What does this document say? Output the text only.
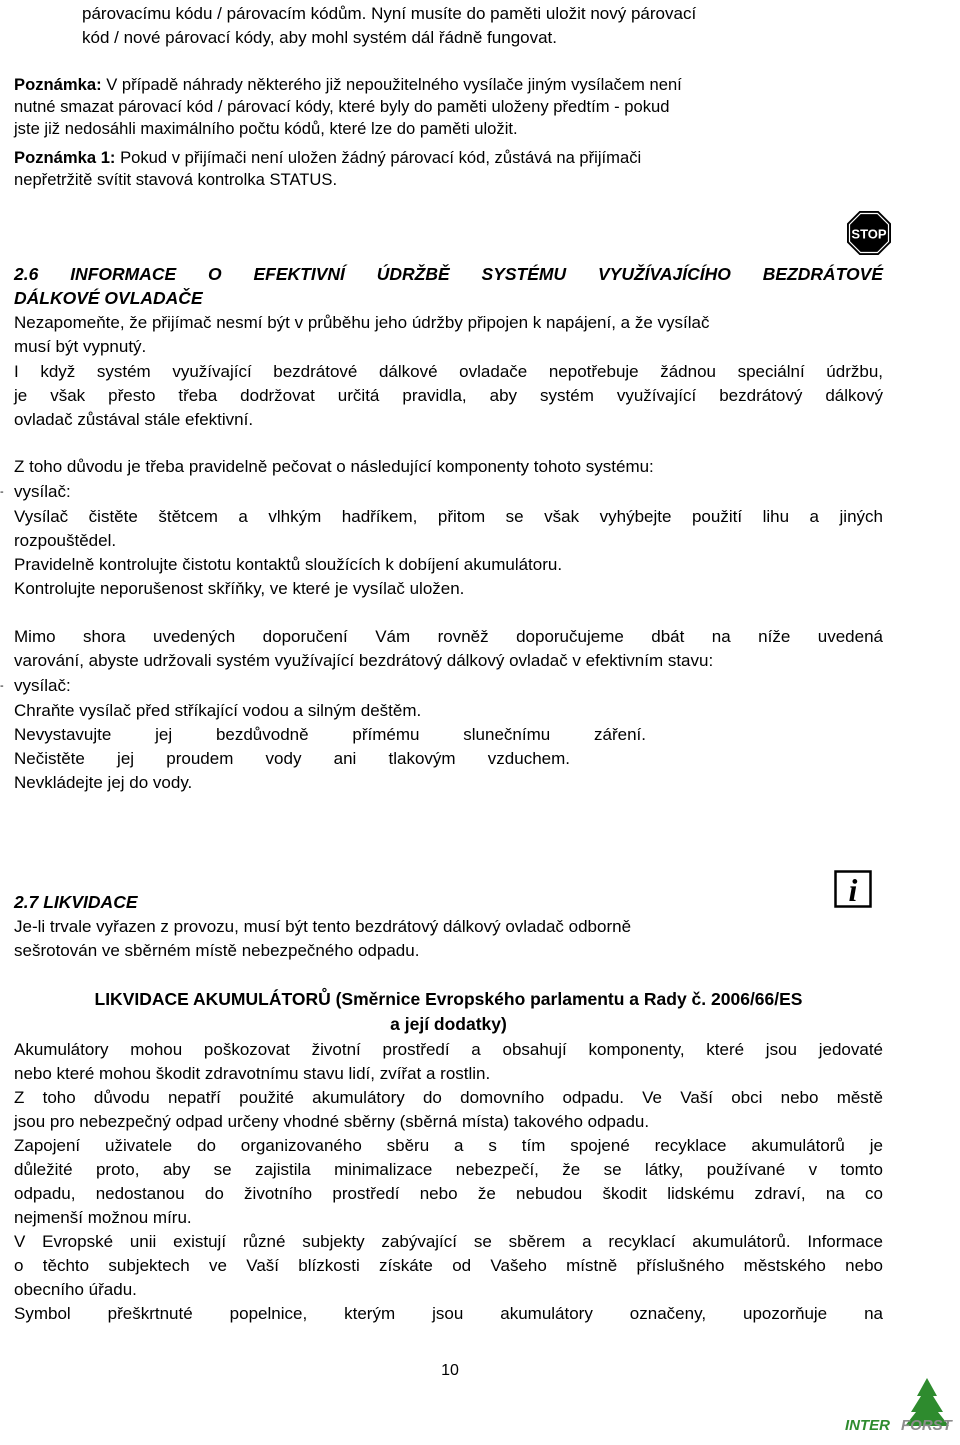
párovacímu kódu / párovacím kódům. Nyní musíte do paměti uložit nový párovací
kód / nové párovací kódy, aby mohl systém dál řádně fungovat.
Poznámka: V případě náhrady některého již nepoužitelného vysílače jiným vysílačem není
nutné smazat párovací kód / párovací kódy, které byly do paměti uloženy předtím - pokud
jste již nedosáhli maximálního počtu kódů, které lze do paměti uložit.
Poznámka 1: Pokud v přijímači není uložen žádný párovací kód, zůstává na přijímači
nepřetržitě svítit stavová kontrolka STATUS.
STOP
2.6 INFORMACE O EFEKTIVNÍ ÚDRŽBĚ SYSTÉMU VYUŽÍVAJÍCÍHO BEZDRÁTOVÉ
DÁLKOVÉ OVLADAČE
Nezapomeňte, že přijímač nesmí být v průběhu jeho údržby připojen k napájení, a že vysílač
musí být vypnutý.
I když systém využívající bezdrátové dálkové ovladače nepotřebuje žádnou speciální údržbu,
je však přesto třeba dodržovat určitá pravidla, aby systém využívající bezdrátový dálkový
ovladač zůstával stále efektivní.
Z toho důvodu je třeba pravidelně pečovat o následující komponenty tohoto systému:
- vysílač:
Vysílač čistěte štětcem a vlhkým hadříkem, přitom se však vyhýbejte použití lihu a jiných
rozpouštědel.
Pravidelně kontrolujte čistotu kontaktů sloužících k dobíjení akumulátoru.
Kontrolujte neporušenost skříňky, ve které je vysílač uložen.
Mimo shora uvedených doporučení Vám rovněž doporučujeme dbát na níže uvedená
varování, abyste udržovali systém využívající bezdrátový dálkový ovladač v efektivním stavu:
- vysílač:
Chraňte vysílač před stříkající vodou a silným deštěm.
Nevystavujte jej bezdůvodně přímému slunečnímu záření.
Nečistěte jej proudem vody ani tlakovým vzduchem.
Nevkládejte jej do vody.
i
2.7 LIKVIDACE
Je-li trvale vyřazen z provozu, musí být tento bezdrátový dálkový ovladač odborně
sešrotován ve sběrném místě nebezpečného odpadu.
LIKVIDACE AKUMULÁTORŮ (Směrnice Evropského parlamentu a Rady č. 2006/66/ES
a její dodatky)
Akumulátory mohou poškozovat životní prostředí a obsahují komponenty, které jsou jedovaté
nebo které mohou škodit zdravotnímu stavu lidí, zvířat a rostlin.
Z toho důvodu nepatří použité akumulátory do domovního odpadu. Ve Vaší obci nebo městě
jsou pro nebezpečný odpad určeny vhodné sběrny (sběrná místa) takového odpadu.
Zapojení uživatele do organizovaného sběru a s tím spojené recyklace akumulátorů je
důležité proto, aby se zajistila minimalizace nebezpečí, že se látky, používané v tomto
odpadu, nedostanou do životního prostředí nebo že nebudou škodit lidskému zdraví, na co
nejmenší možnou míru.
V Evropské unii existují různé subjekty zabývající se sběrem a recyklací akumulátorů. Informace
o těchto subjektech ve Vaší blízkosti získáte od Vašeho místně příslušného městského nebo
obecního úřadu.
Symbol přeškrtnuté popelnice, kterým jsou akumulátory označeny, upozorňuje na
10
INTER FORST
